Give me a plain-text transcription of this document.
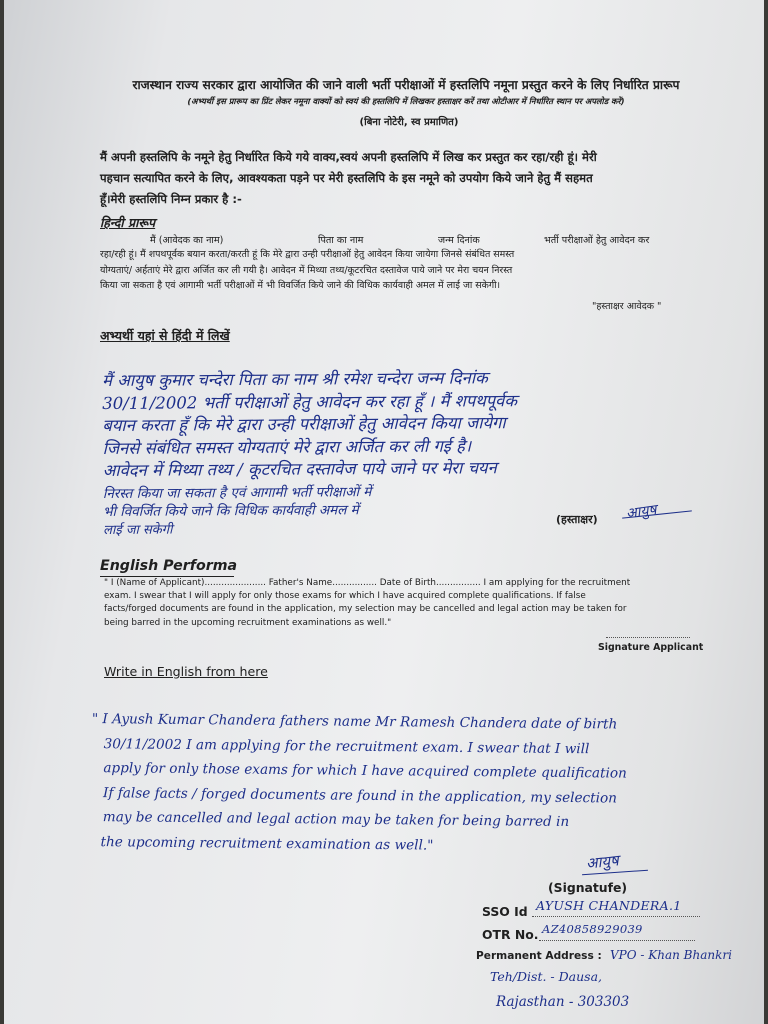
राजस्थान राज्य सरकार द्वारा आयोजित की जाने वाली भर्ती परीक्षाओं में हस्तलिपि नमूना प्रस्तुत करने के लिए निर्धारित प्रारूप
(अभ्यर्थी इस प्रारूप का प्रिंट लेकर नमूना वाक्यों को स्वयं की हस्तलिपि में लिखकर हस्ताक्षर करें तथा ओटीआर में निर्धारित स्थान पर अपलोड करें)
(बिना नोटेरी, स्व प्रमाणित)
मैं अपनी हस्तलिपि के नमूने हेतु निर्धारित किये गये वाक्य,स्वयं अपनी हस्तलिपि में लिख कर प्रस्तुत कर रहा/रही हूं। मेरी
पहचान सत्यापित करने के लिए, आवश्यकता पड़ने पर मेरी हस्तलिपि के इस नमूने को उपयोग किये जाने हेतु मैं सहमत
हूँ।मेरी हस्तलिपि निम्न प्रकार है :-
हिन्दी प्रारूप
मैं (आवेदक का नाम)	पिता का नाम	जन्म दिनांक	भर्ती परीक्षाओं हेतु आवेदन कर
रहा/रही हूं। मैं शपथपूर्वक बयान करता/करती हूं कि मेरे द्वारा उन्ही परीक्षाओं हेतु आवेदन किया जायेगा जिनसे संबंधित समस्त
योग्यताएं/ अर्हताएं मेरे द्वारा अर्जित कर ली गयी है। आवेदन में मिथ्या तथ्य/कूटरचित दस्तावेज पाये जाने पर मेरा चयन निरस्त
किया जा सकता है एवं आगामी भर्ती परीक्षाओं में भी विवर्जित किये जाने की विधिक कार्यवाही अमल में लाई जा सकेगी।
"हस्ताक्षर आवेदक "
अभ्यर्थी यहां से हिंदी में लिखें
मैं आयुष कुमार चन्देरा पिता का नाम श्री रमेश चन्देरा जन्म दिनांक
30/11/2002 भर्ती परीक्षाओं हेतु आवेदन कर रहा हूँ । मैं शपथपूर्वक
बयान करता हूँ कि मेरे द्वारा उन्ही परीक्षाओं हेतु आवेदन किया जायेगा
जिनसे संबंधित समस्त योग्यताएं मेरे द्वारा अर्जित कर ली गई है।
आवेदन में मिथ्या तथ्य / कूटरचित दस्तावेज पाये जाने पर मेरा चयन
निरस्त किया जा सकता है एवं आगामी भर्ती परीक्षाओं में
भी विवर्जित किये जाने कि विधिक कार्यवाही अमल में
लाई जा सकेगी
(हस्ताक्षर) आयुष
English Performa
" I (Name of Applicant)...................... Father's Name................ Date of Birth................ I am applying for the recruitment
exam. I swear that I will apply for only those exams for which I have acquired complete qualifications. If false
facts/forged documents are found in the application, my selection may be cancelled and legal action may be taken for
being barred in the upcoming recruitment examinations as well."
Signature Applicant
Write in English from here
" I Ayush Kumar Chandera fathers name Mr Ramesh Chandera date of birth
30/11/2002 I am applying for the recruitment exam. I swear that I will
apply for only those exams for which I have acquired complete qualification
If false facts / forged documents are found in the application, my selection
may be cancelled and legal action may be taken for being barred in
the upcoming recruitment examination as well."
आयुष
(Signatufe)
SSO Id AYUSH CHANDERA.1
OTR No. AZ40858929039
Permanent Address : VPO - Khan Bhankri
Teh/Dist. - Dausa,
Rajasthan - 303303
